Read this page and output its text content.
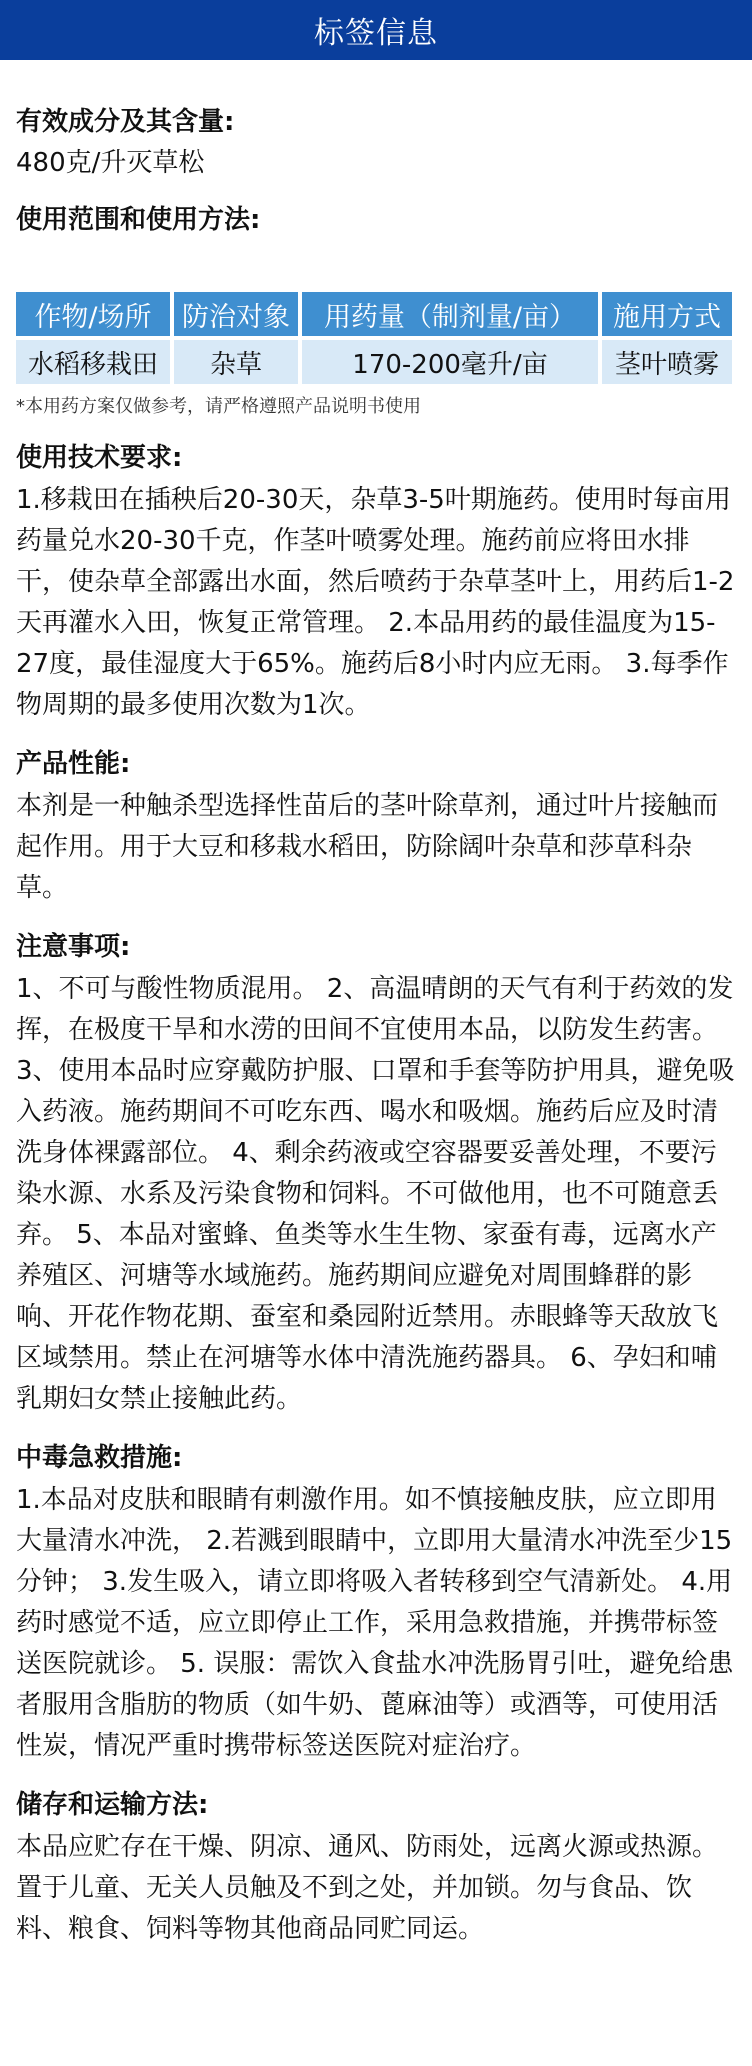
标签信息
有效成分及其含量:
480克/升灭草松
使用范围和使用方法:
作物/场所	防治对象	用药量（制剂量/亩）	施用方式
水稻移栽田	杂草	170-200毫升/亩	茎叶喷雾
*本用药方案仅做参考，请严格遵照产品说明书使用
使用技术要求:
1.移栽田在插秧后20-30天，杂草3-5叶期施药。使用时每亩用药量兑水20-30千克，作茎叶喷雾处理。施药前应将田水排干，使杂草全部露出水面，然后喷药于杂草茎叶上，用药后1-2天再灌水入田，恢复正常管理。 2.本品用药的最佳温度为15-27度，最佳湿度大于65%。施药后8小时内应无雨。 3.每季作物周期的最多使用次数为1次。
产品性能:
本剂是一种触杀型选择性苗后的茎叶除草剂，通过叶片接触而起作用。用于大豆和移栽水稻田，防除阔叶杂草和莎草科杂草。
注意事项:
1、不可与酸性物质混用。 2、高温晴朗的天气有利于药效的发挥，在极度干旱和水涝的田间不宜使用本品，以防发生药害。 3、使用本品时应穿戴防护服、口罩和手套等防护用具，避免吸入药液。施药期间不可吃东西、喝水和吸烟。施药后应及时清洗身体裸露部位。 4、剩余药液或空容器要妥善处理，不要污染水源、水系及污染食物和饲料。不可做他用，也不可随意丢弃。 5、本品对蜜蜂、鱼类等水生生物、家蚕有毒，远离水产养殖区、河塘等水域施药。施药期间应避免对周围蜂群的影响、开花作物花期、蚕室和桑园附近禁用。赤眼蜂等天敌放飞区域禁用。禁止在河塘等水体中清洗施药器具。 6、孕妇和哺乳期妇女禁止接触此药。
中毒急救措施:
1.本品对皮肤和眼睛有刺激作用。如不慎接触皮肤，应立即用大量清水冲洗， 2.若溅到眼睛中，立即用大量清水冲洗至少15分钟； 3.发生吸入，请立即将吸入者转移到空气清新处。 4.用药时感觉不适，应立即停止工作，采用急救措施，并携带标签送医院就诊。 5. 误服：需饮入食盐水冲洗肠胃引吐，避免给患者服用含脂肪的物质（如牛奶、蓖麻油等）或酒等，可使用活性炭，情况严重时携带标签送医院对症治疗。
储存和运输方法:
本品应贮存在干燥、阴凉、通风、防雨处，远离火源或热源。置于儿童、无关人员触及不到之处，并加锁。勿与食品、饮料、粮食、饲料等物其他商品同贮同运。
